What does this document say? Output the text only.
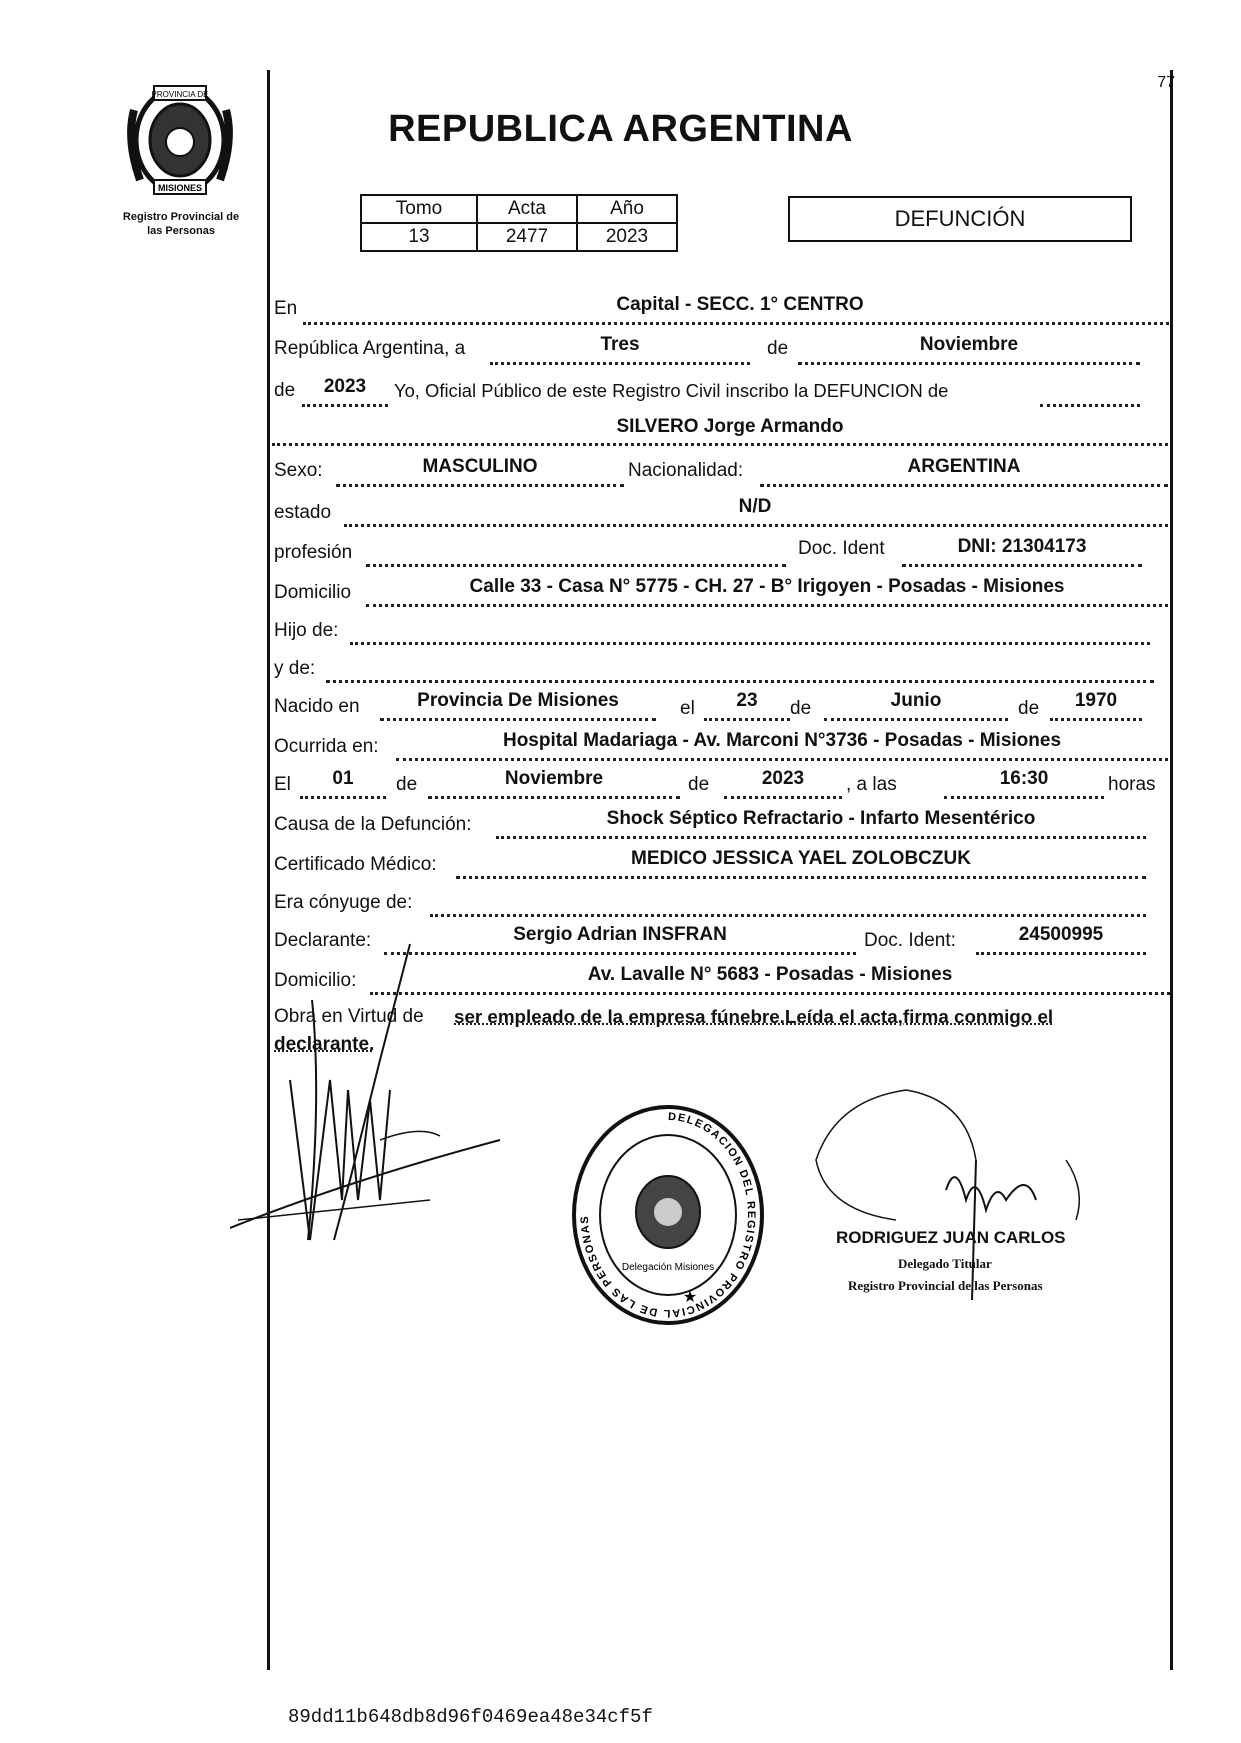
PROVINCIA DE
MISIONES
Registro Provincial de
las Personas
77
REPUBLICA ARGENTINA
Tomo	Acta	Año
13	2477	2023
DEFUNCIÓN
En	Capital - SECC. 1° CENTRO
República Argentina, a	Tres	de	Noviembre
de	2023	Yo, Oficial Público de este Registro Civil inscribo la DEFUNCION de
SILVERO Jorge Armando
Sexo:	MASCULINO	Nacionalidad:	ARGENTINA
estado	N/D
profesión	Doc. Ident	DNI: 21304173
Domicilio	Calle 33 - Casa N° 5775 - CH. 27 - B° Irigoyen - Posadas - Misiones
Hijo de:
y de:
Nacido en	Provincia De Misiones	el	23	de	Junio	de	1970
Ocurrida en:	Hospital Madariaga - Av. Marconi N°3736 - Posadas - Misiones
El	01	de	Noviembre	de	2023	, a las	16:30	horas
Causa de la Defunción:	Shock Séptico Refractario - Infarto Mesentérico
Certificado Médico:	MEDICO JESSICA YAEL ZOLOBCZUK
Era cónyuge de:
Declarante:	Sergio Adrian INSFRAN	Doc. Ident:	24500995
Domicilio:	Av. Lavalle N° 5683 - Posadas - Misiones
Obra en Virtud de ser empleado de la empresa fúnebre.Leída el acta,firma conmigo el
declarante.
DELEGACION DEL REGISTRO PROVINCIAL DE LAS PERSONAS
Delegación Misiones
★
RODRIGUEZ JUAN CARLOS
Delegado Titular
Registro Provincial de las Personas
89dd11b648db8d96f0469ea48e34cf5f
